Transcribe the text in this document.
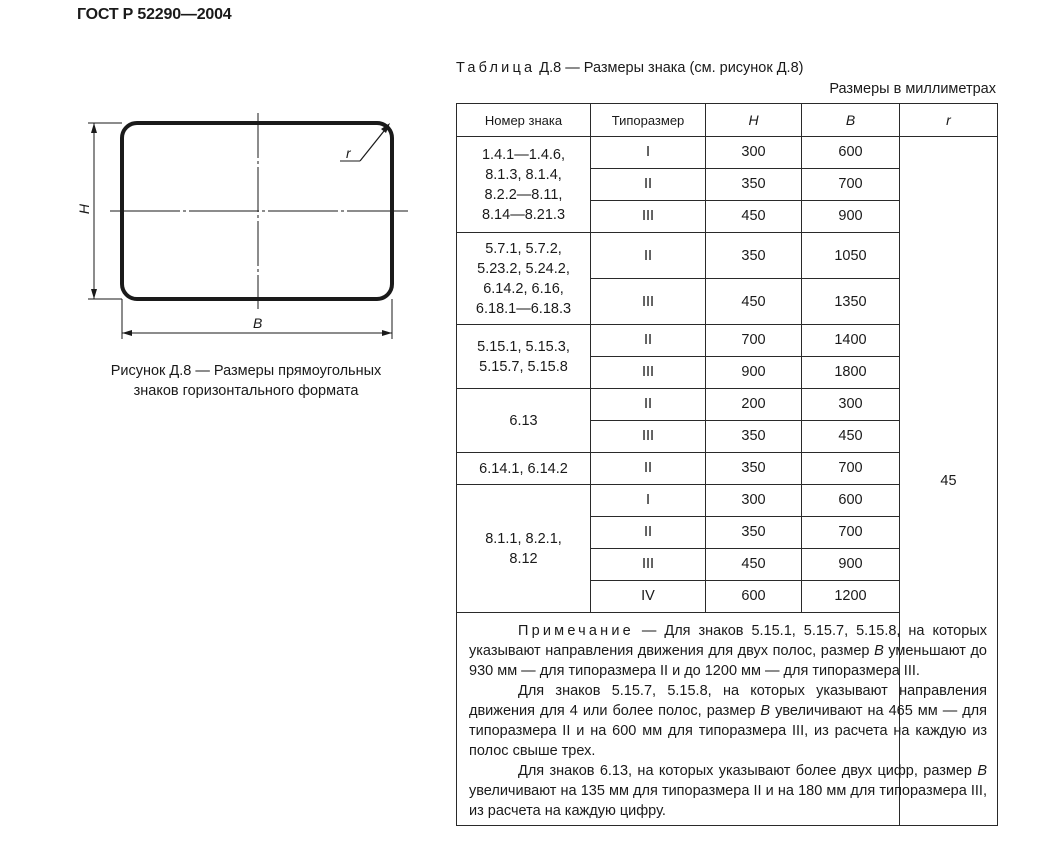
ГОСТ Р 52290—2004
H
B
r
Рисунок Д.8 — Размеры прямоугольных
знаков горизонтального формата
Таблица Д.8 — Размеры знака (см. рисунок Д.8)
Размеры в миллиметрах
Номер знака	Типоразмер	H	B	r

1.4.1—1.4.6,
8.1.3, 8.1.4,
8.2.2—8.11,
8.14—8.21.3	I	300	600	45
	II	350	700	
	III	450	900	

5.7.1, 5.7.2,
5.23.2, 5.24.2,
6.14.2, 6.16,
6.18.1—6.18.3	II	350	1050	
	III	450	1350	

5.15.1, 5.15.3,
5.15.7, 5.15.8	II	700	1400	
	III	900	1800	

6.13	II	200	300	
	III	350	450	

6.14.1, 6.14.2	II	350	700	

8.1.1, 8.2.1,
8.12	I	300	600	
	II	350	700	
	III	450	900	
	IV	600	1200	

Примечание — Для знаков 5.15.1, 5.15.7, 5.15.8, на которых указывают направления движения для двух полос, размер B уменьшают до 930 мм — для типоразмера II и до 1200 мм — для типоразмера III.

Для знаков 5.15.7, 5.15.8, на которых указывают направления движения для 4 или более полос, размер B увеличивают на 465 мм — для типоразмера II и на 600 мм для типоразмера III, из расчета на каждую из полос свыше трех.

Для знаков 6.13, на которых указывают более двух цифр, размер B увеличивают на 135 мм для типоразмера II и на 180 мм для типоразмера III, из расчета на каждую цифру.				
